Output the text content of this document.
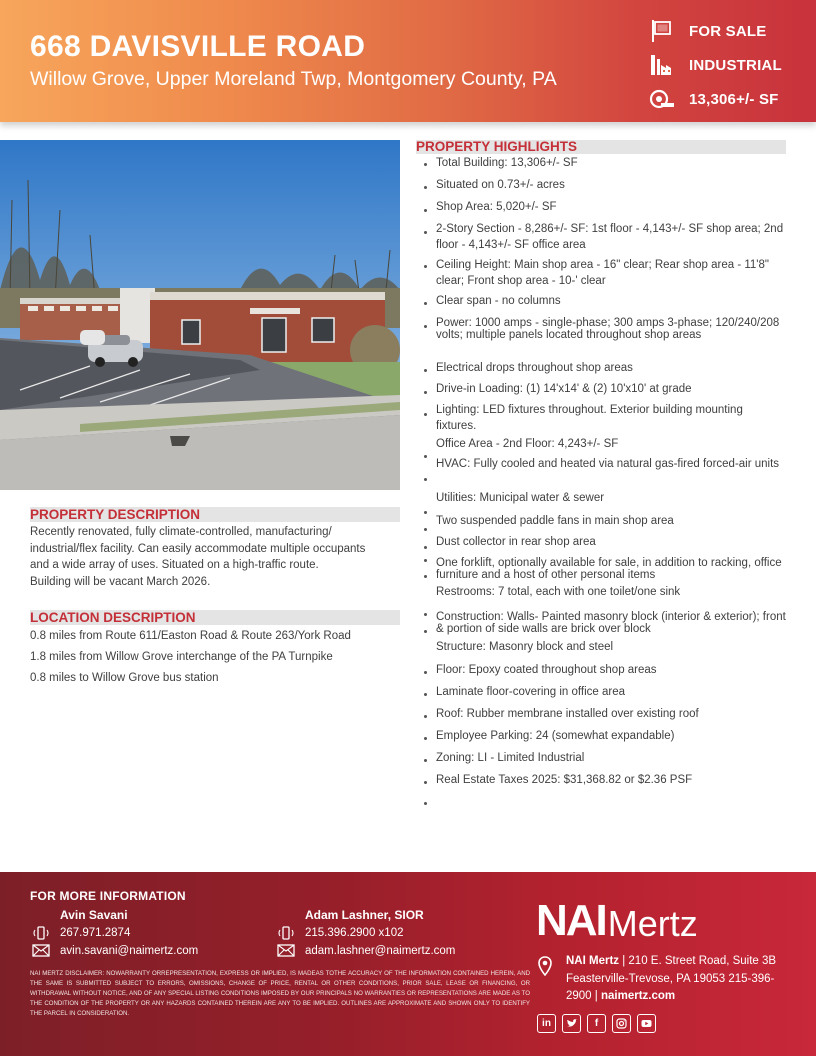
668 DAVISVILLE ROAD
Willow Grove, Upper Moreland Twp, Montgomery County, PA
FOR SALE
INDUSTRIAL
13,306+/- SF
PROPERTY DESCRIPTION
Recently renovated, fully climate-controlled, manufacturing/
industrial/flex facility. Can easily accommodate multiple occupants
and a wide array of uses. Situated on a high-traffic route.
Building will be vacant March 2026.
LOCATION DESCRIPTION
0.8 miles from Route 611/Easton Road & Route 263/York Road
1.8 miles from Willow Grove interchange of the PA Turnpike
0.8 miles to Willow Grove bus station
PROPERTY HIGHLIGHTS
Total Building: 13,306+/- SF
Situated on 0.73+/- acres
Shop Area: 5,020+/- SF
2-Story Section - 8,286+/- SF: 1st floor - 4,143+/- SF shop area; 2nd floor - 4,143+/- SF office area
Ceiling Height: Main shop area - 16" clear; Rear shop area - 11'8" clear; Front shop area - 10-' clear
Clear span - no columns
Power: 1000 amps - single-phase; 300 amps 3-phase; 120/240/208 volts; multiple panels located throughout shop areas
Electrical drops throughout shop areas
Drive-in Loading: (1) 14'x14' & (2) 10'x10' at grade
Lighting: LED fixtures throughout. Exterior building mounting fixtures.
Office Area - 2nd Floor: 4,243+/- SF
HVAC: Fully cooled and heated via natural gas-fired forced-air units
Utilities: Municipal water & sewer
Two suspended paddle fans in main shop area
Dust collector in rear shop area
One forklift, optionally available for sale, in addition to racking, office furniture and a host of other personal items
Restrooms: 7 total, each with one toilet/one sink
Construction: Walls- Painted masonry block (interior & exterior); front & portion of side walls are brick over block
Structure: Masonry block and steel
Floor: Epoxy coated throughout shop areas
Laminate floor-covering in office area
Roof: Rubber membrane installed over existing roof
Employee Parking: 24 (somewhat expandable)
Zoning: LI - Limited Industrial
Real Estate Taxes 2025: $31,368.82 or $2.36 PSF
FOR MORE INFORMATION
Avin Savani
267.971.2874
avin.savani@naimertz.com
Adam Lashner, SIOR
215.396.2900 x102
adam.lashner@naimertz.com
NAI MERTZ DISCLAIMER: NOWARRANTY ORREPRESENTATION, EXPRESS OR IMPLIED, IS MADEAS TOTHE ACCURACY OF THE INFORMATION CONTAINED HEREIN, AND THE SAME IS SUBMITTED SUBJECT TO ERRORS, OMISSIONS, CHANGE OF PRICE, RENTAL OR OTHER CONDITIONS, PRIOR SALE, LEASE OR FINANCING, OR WITHDRAWAL WITHOUT NOTICE, AND OF ANY SPECIAL LISTING CONDITIONS IMPOSED BY OUR PRINCIPALS NO WARRANTIES OR REPRESENTATIONS ARE MADE AS TO THE CONDITION OF THE PROPERTY OR ANY HAZARDS CONTAINED THEREIN ARE ANY TO BE IMPLIED. OUTLINES ARE APPROXIMATE AND SHOWN ONLY TO IDENTIFY THE PARCEL IN CONSIDERATION.
NAI Mertz
NAI Mertz | 210 E. Street Road, Suite 3B
Feasterville-Trevose, PA 19053 215-396-
2900 | naimertz.com
in	f
